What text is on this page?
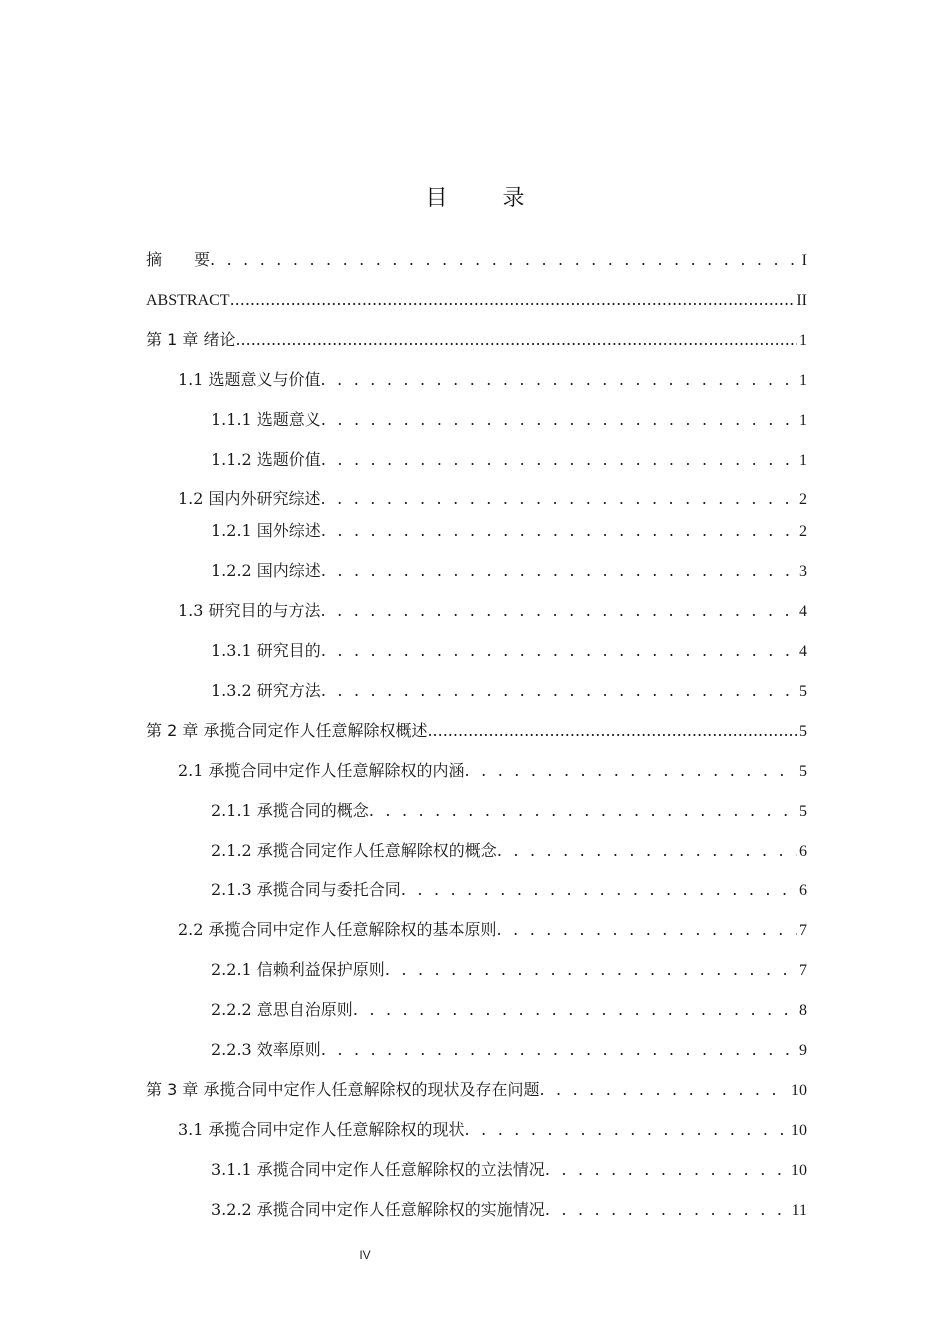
目 录
摘　　要 . . .	I
ABSTRACT .....	II
第 1 章 绪论 .....	1
1.1 选题意义与价值 . . .	1
1.1.1 选题意义 . . .	1
1.1.2 选题价值 . . .	1
1.2 国内外研究综述 . . .	2
1.2.1 国外综述 . . .	2
1.2.2 国内综述 . . .	3
1.3 研究目的与方法 . . .	4
1.3.1 研究目的 . . .	4
1.3.2 研究方法 . . .	5
第 2 章 承揽合同定作人任意解除权概述 .....	5
2.1 承揽合同中定作人任意解除权的内涵 . . .	5
2.1.1 承揽合同的概念 . . .	5
2.1.2 承揽合同定作人任意解除权的概念 . . .	6
2.1.3 承揽合同与委托合同 . . .	6
2.2 承揽合同中定作人任意解除权的基本原则 . . .	7
2.2.1 信赖利益保护原则 . . .	7
2.2.2 意思自治原则 . . .	8
2.2.3 效率原则 . . .	9
第 3 章 承揽合同中定作人任意解除权的现状及存在问题 . . .	10
3.1 承揽合同中定作人任意解除权的现状 . . .	10
3.1.1 承揽合同中定作人任意解除权的立法情况 . . .	10
3.2.2 承揽合同中定作人任意解除权的实施情况 . . .	11
IV
